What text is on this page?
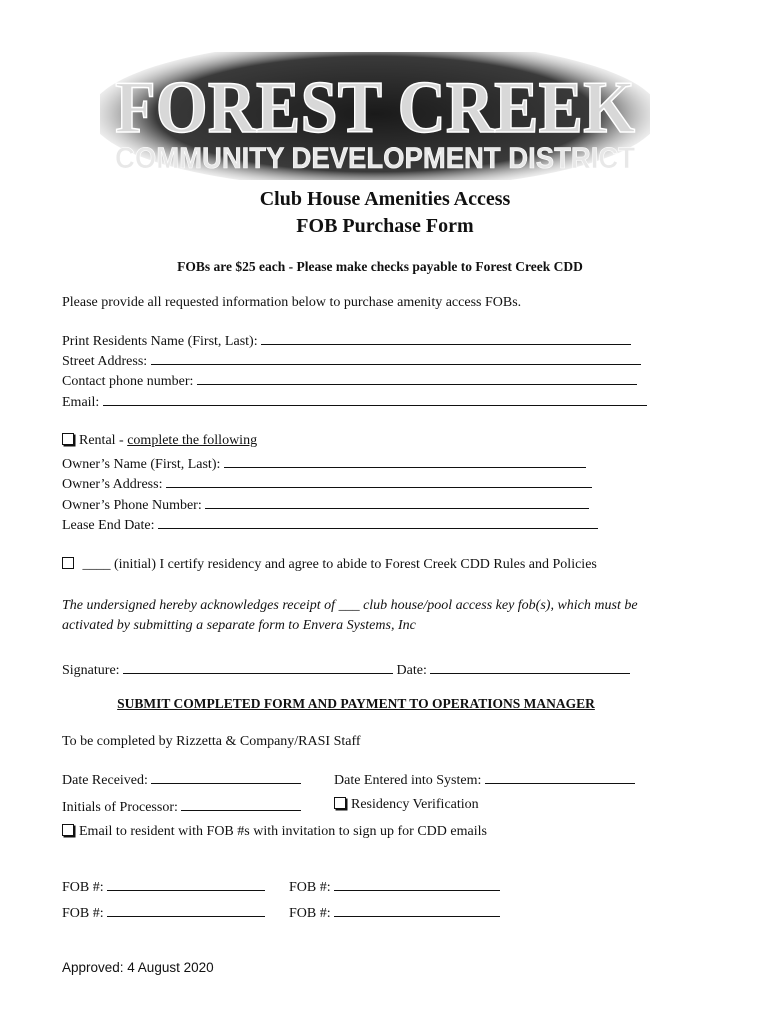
FOREST CREEK
COMMUNITY DEVELOPMENT DISTRICT
Club House Amenities Access
FOB Purchase Form
FOBs are $25 each - Please make checks payable to Forest Creek CDD
Please provide all requested information below to purchase amenity access FOBs.
Print Residents Name (First, Last):
Street Address:
Contact phone number:
Email:
Rental - complete the following
Owner’s Name (First, Last):
Owner’s Address:
Owner’s Phone Number:
Lease End Date:
____ (initial) I certify residency and agree to abide to Forest Creek CDD Rules and Policies
The undersigned hereby acknowledges receipt of ___ club house/pool access key fob(s), which must be
activated by submitting a separate form to Envera Systems, Inc
Signature:	Date:
SUBMIT COMPLETED FORM AND PAYMENT TO OPERATIONS MANAGER
To be completed by Rizzetta & Company/RASI Staff
Date Received:	Date Entered into System:
Initials of Processor:	Residency Verification
Email to resident with FOB #s with invitation to sign up for CDD emails
FOB #:	FOB #:
FOB #:	FOB #:
Approved: 4 August 2020
